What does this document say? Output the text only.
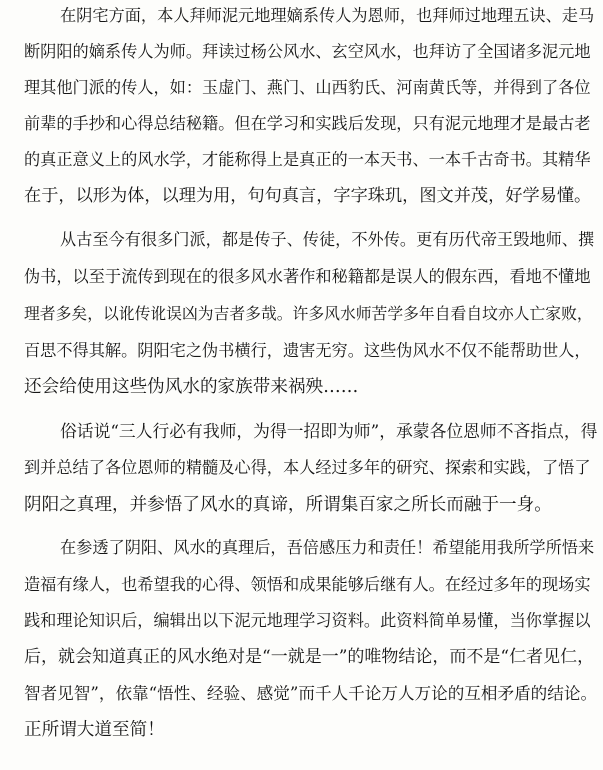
在阴宅方面，本人拜师泥元地理嫡系传人为恩师，也拜师过地理五诀、走马
断阴阳的嫡系传人为师。拜读过杨公风水、玄空风水，也拜访了全国诸多泥元地
理其他门派的传人，如：玉虚门、燕门、山西豹氏、河南黄氏等，并得到了各位
前辈的手抄和心得总结秘籍。但在学习和实践后发现，只有泥元地理才是最古老
的真正意义上的风水学，才能称得上是真正的一本天书、一本千古奇书。其精华
在于，以形为体，以理为用，句句真言，字字珠玑，图文并茂，好学易懂。
从古至今有很多门派，都是传子、传徒，不外传。更有历代帝王毁地师、撰
伪书，以至于流传到现在的很多风水著作和秘籍都是误人的假东西，看地不懂地
理者多矣，以讹传讹误凶为吉者多哉。许多风水师苦学多年自看自坟亦人亡家败，
百思不得其解。阴阳宅之伪书横行，遗害无穷。这些伪风水不仅不能帮助世人，
还会给使用这些伪风水的家族带来祸殃……
俗话说“三人行必有我师，为得一招即为师”，承蒙各位恩师不吝指点，得
到并总结了各位恩师的精髓及心得，本人经过多年的研究、探索和实践，了悟了
阴阳之真理，并参悟了风水的真谛，所谓集百家之所长而融于一身。
在参透了阴阳、风水的真理后，吾倍感压力和责任！希望能用我所学所悟来
造福有缘人，也希望我的心得、领悟和成果能够后继有人。在经过多年的现场实
践和理论知识后，编辑出以下泥元地理学习资料。此资料简单易懂，当你掌握以
后，就会知道真正的风水绝对是“一就是一”的唯物结论，而不是“仁者见仁，
智者见智”，依靠“悟性、经验、感觉”而千人千论万人万论的互相矛盾的结论。
正所谓大道至简！
